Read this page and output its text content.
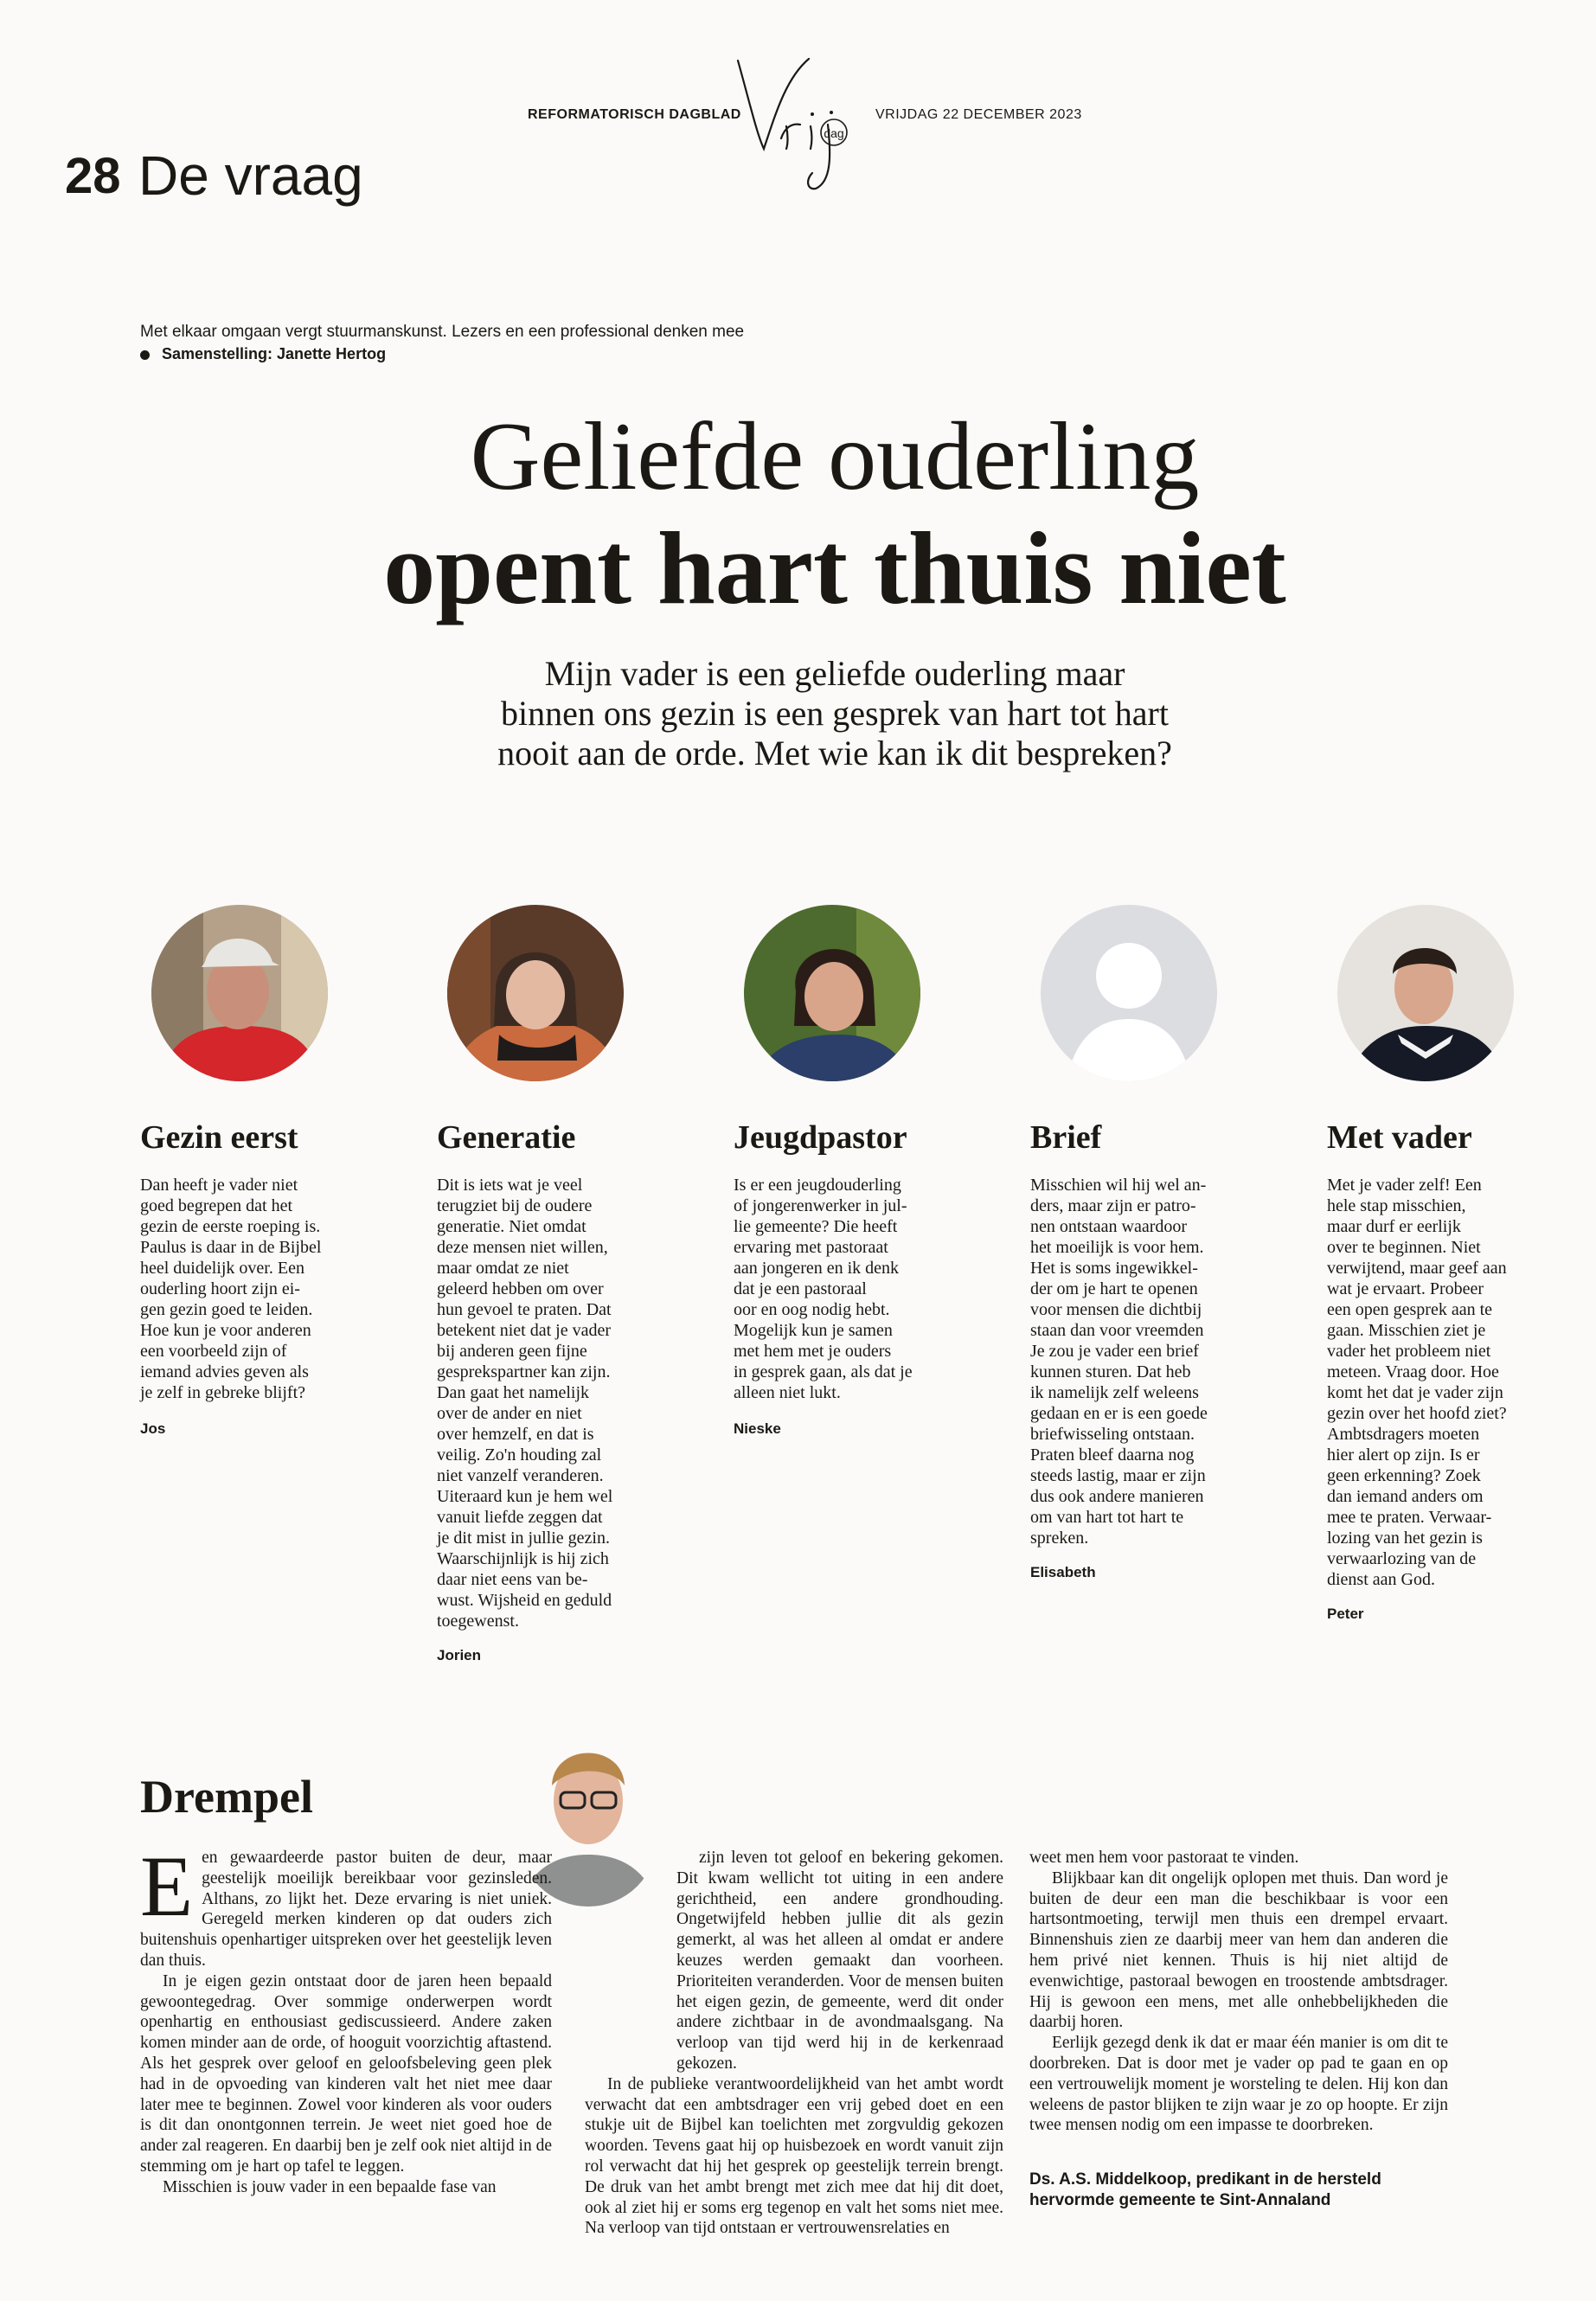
REFORMATORISCH DAGBLAD
dag
VRIJDAG 22 DECEMBER 2023
28 De vraag
Met elkaar omgaan vergt stuurmanskunst. Lezers en een professional denken mee
Samenstelling: Janette Hertog
Geliefde ouderling
opent hart thuis niet
Mijn vader is een geliefde ouderling maar
binnen ons gezin is een gesprek van hart tot hart
nooit aan de orde. Met wie kan ik dit bespreken?
Gezin eerst
Dan heeft je vader niet
goed begrepen dat het
gezin de eerste roeping is.
Paulus is daar in de Bijbel
heel duidelijk over. Een
ouderling hoort zijn ei-
gen gezin goed te leiden.
Hoe kun je voor anderen
een voorbeeld zijn of
iemand advies geven als
je zelf in gebreke blijft?
Jos
Generatie
Dit is iets wat je veel
terugziet bij de oudere
generatie. Niet omdat
deze mensen niet willen,
maar omdat ze niet
geleerd hebben om over
hun gevoel te praten. Dat
betekent niet dat je vader
bij anderen geen fijne
gesprekspartner kan zijn.
Dan gaat het namelijk
over de ander en niet
over hemzelf, en dat is
veilig. Zo'n houding zal
niet vanzelf veranderen.
Uiteraard kun je hem wel
vanuit liefde zeggen dat
je dit mist in jullie gezin.
Waarschijnlijk is hij zich
daar niet eens van be-
wust. Wijsheid en geduld
toegewenst.
Jorien
Jeugdpastor
Is er een jeugdouderling
of jongerenwerker in jul-
lie gemeente? Die heeft
ervaring met pastoraat
aan jongeren en ik denk
dat je een pastoraal
oor en oog nodig hebt.
Mogelijk kun je samen
met hem met je ouders
in gesprek gaan, als dat je
alleen niet lukt.
Nieske
Brief
Misschien wil hij wel an-
ders, maar zijn er patro-
nen ontstaan waardoor
het moeilijk is voor hem.
Het is soms ingewikkel-
der om je hart te openen
voor mensen die dichtbij
staan dan voor vreemden
Je zou je vader een brief
kunnen sturen. Dat heb
ik namelijk zelf weleens
gedaan en er is een goede
briefwisseling ontstaan.
Praten bleef daarna nog
steeds lastig, maar er zijn
dus ook andere manieren
om van hart tot hart te
spreken.
Elisabeth
Met vader
Met je vader zelf! Een
hele stap misschien,
maar durf er eerlijk
over te beginnen. Niet
verwijtend, maar geef aan
wat je ervaart. Probeer
een open gesprek aan te
gaan. Misschien ziet je
vader het probleem niet
meteen. Vraag door. Hoe
komt het dat je vader zijn
gezin over het hoofd ziet?
Ambtsdragers moeten
hier alert op zijn. Is er
geen erkenning? Zoek
dan iemand anders om
mee te praten. Verwaar-
lozing van het gezin is
verwaarlozing van de
dienst aan God.
Peter
Drempel

Een gewaardeerde pastor buiten de deur, maar geestelijk moeilijk bereikbaar voor gezinsleden. Althans, zo lijkt het. Deze ervaring is niet uniek. Geregeld merken kinderen op dat ouders zich buitenshuis openhartiger uitspreken over het geestelijk leven dan thuis.

In je eigen gezin ontstaat door de jaren heen bepaald gewoontegedrag. Over sommige onderwerpen wordt openhartig en enthousiast gediscussieerd. Andere zaken komen minder aan de orde, of hooguit voorzichtig aftastend. Als het gesprek over geloof en geloofsbeleving geen plek had in de opvoeding van kinderen valt het niet mee daar later mee te beginnen. Zowel voor kinderen als voor ouders is dit dan onontgonnen terrein. Je weet niet goed hoe de ander zal reageren. En daarbij ben je zelf ook niet altijd in de stemming om je hart op tafel te leggen.

Misschien is jouw vader in een bepaalde fase van

zijn leven tot geloof en bekering gekomen. Dit kwam wellicht tot uiting in een andere gerichtheid, een andere grondhouding. Ongetwijfeld hebben jullie dit als gezin gemerkt, al was het alleen al omdat er andere keuzes werden gemaakt dan voorheen. Prioriteiten veranderden. Voor de mensen buiten het eigen gezin, de gemeente, werd dit onder andere zichtbaar in de avondmaalsgang. Na verloop van tijd werd hij in de kerkenraad gekozen.

In de publieke verantwoordelijkheid van het ambt wordt verwacht dat een ambtsdrager een vrij gebed doet en een stukje uit de Bijbel kan toelichten met zorgvuldig gekozen woorden. Tevens gaat hij op huisbezoek en wordt vanuit zijn rol verwacht dat hij het gesprek op geestelijk terrein brengt. De druk van het ambt brengt met zich mee dat hij dit doet, ook al ziet hij er soms erg tegenop en valt het soms niet mee. Na verloop van tijd ontstaan er vertrouwensrelaties en

weet men hem voor pastoraat te vinden.

Blijkbaar kan dit ongelijk oplopen met thuis. Dan word je buiten de deur een man die beschikbaar is voor een hartsontmoeting, terwijl men thuis een drempel ervaart. Binnenshuis zien ze daarbij meer van hem dan anderen die hem privé niet kennen. Thuis is hij niet altijd de evenwichtige, pastoraal bewogen en troostende ambtsdrager. Hij is gewoon een mens, met alle onhebbelijkheden die daarbij horen.

Eerlijk gezegd denk ik dat er maar één manier is om dit te doorbreken. Dat is door met je vader op pad te gaan en op een vertrouwelijk moment je worsteling te delen. Hij kon dan weleens de pastor blijken te zijn waar je zo op hoopte. Er zijn twee mensen nodig om een impasse te doorbreken.

Ds. A.S. Middelkoop, predikant in de hersteld hervormde gemeente te Sint-Annaland
